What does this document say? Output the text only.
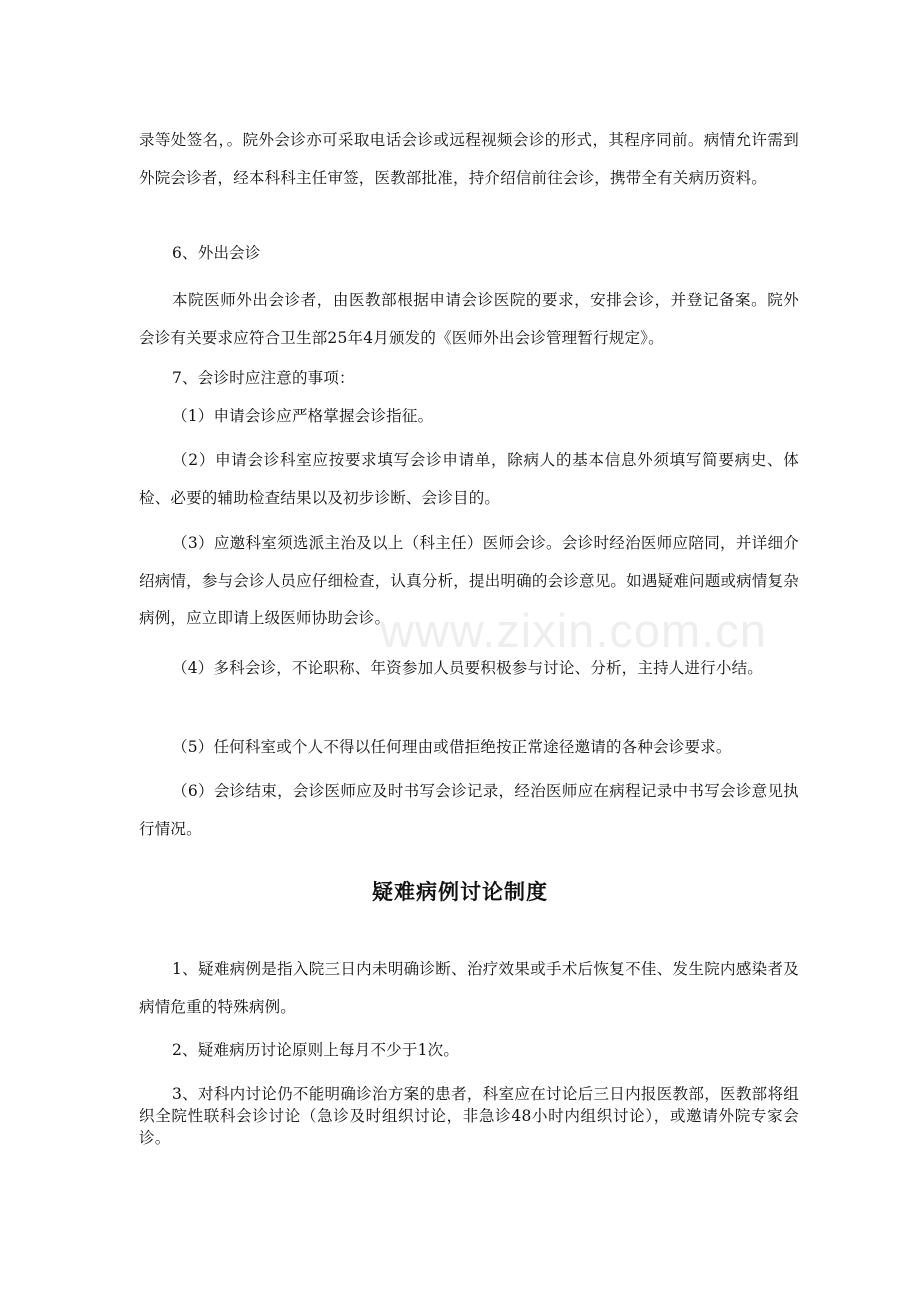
录等处签名，。院外会诊亦可采取电话会诊或远程视频会诊的形式，其程序同前。病情允许需到外院会诊者，经本科科主任审签，医教部批准，持介绍信前往会诊，携带全有关病历资料。

6、外出会诊

本院医师外出会诊者，由医教部根据申请会诊医院的要求，安排会诊，并登记备案。院外会诊有关要求应符合卫生部25年4月颁发的《医师外出会诊管理暂行规定》。

7、会诊时应注意的事项：

（1）申请会诊应严格掌握会诊指征。

（2）申请会诊科室应按要求填写会诊申请单，除病人的基本信息外须填写简要病史、体检、必要的辅助检查结果以及初步诊断、会诊目的。

（3）应邀科室须选派主治及以上（科主任）医师会诊。会诊时经治医师应陪同，并详细介绍病情，参与会诊人员应仔细检查，认真分析，提出明确的会诊意见。如遇疑难问题或病情复杂病例，应立即请上级医师协助会诊。

（4）多科会诊，不论职称、年资参加人员要积极参与讨论、分析，主持人进行小结。

（5）任何科室或个人不得以任何理由或借拒绝按正常途径邀请的各种会诊要求。

（6）会诊结束，会诊医师应及时书写会诊记录，经治医师应在病程记录中书写会诊意见执行情况。

疑难病例讨论制度

1、疑难病例是指入院三日内未明确诊断、治疗效果或手术后恢复不佳、发生院内感染者及病情危重的特殊病例。

2、疑难病历讨论原则上每月不少于1次。

3、对科内讨论仍不能明确诊治方案的患者，科室应在讨论后三日内报医教部，医教部将组织全院性联科会诊讨论（急诊及时组织讨论，非急诊48小时内组织讨论），或邀请外院专家会诊。

www.zixin.com.cn
